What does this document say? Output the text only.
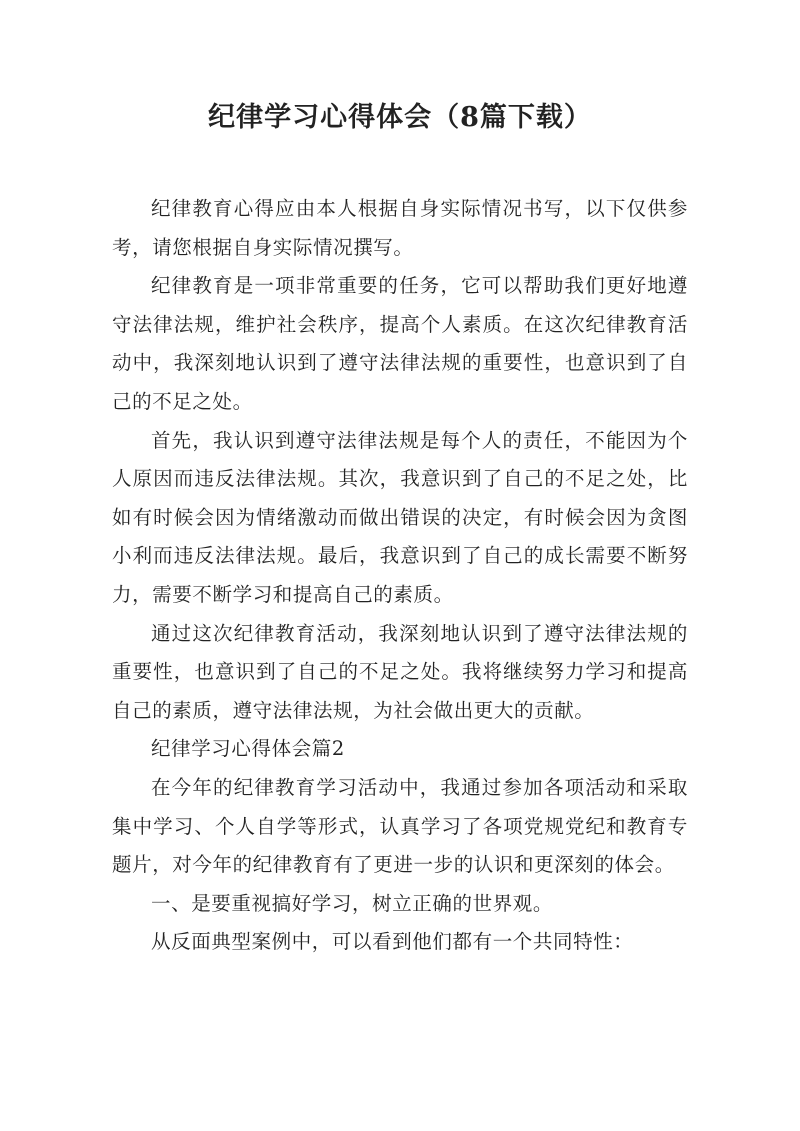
纪律学习心得体会（8篇下载）

纪律教育心得应由本人根据自身实际情况书写，以下仅供参考，请您根据自身实际情况撰写。

纪律教育是一项非常重要的任务，它可以帮助我们更好地遵守法律法规，维护社会秩序，提高个人素质。在这次纪律教育活动中，我深刻地认识到了遵守法律法规的重要性，也意识到了自己的不足之处。

首先，我认识到遵守法律法规是每个人的责任，不能因为个人原因而违反法律法规。其次，我意识到了自己的不足之处，比如有时候会因为情绪激动而做出错误的决定，有时候会因为贪图小利而违反法律法规。最后，我意识到了自己的成长需要不断努力，需要不断学习和提高自己的素质。

通过这次纪律教育活动，我深刻地认识到了遵守法律法规的重要性，也意识到了自己的不足之处。我将继续努力学习和提高自己的素质，遵守法律法规，为社会做出更大的贡献。

纪律学习心得体会篇2

在今年的纪律教育学习活动中，我通过参加各项活动和采取集中学习、个人自学等形式，认真学习了各项党规党纪和教育专题片，对今年的纪律教育有了更进一步的认识和更深刻的体会。

一、是要重视搞好学习，树立正确的世界观。

从反面典型案例中，可以看到他们都有一个共同特性：
